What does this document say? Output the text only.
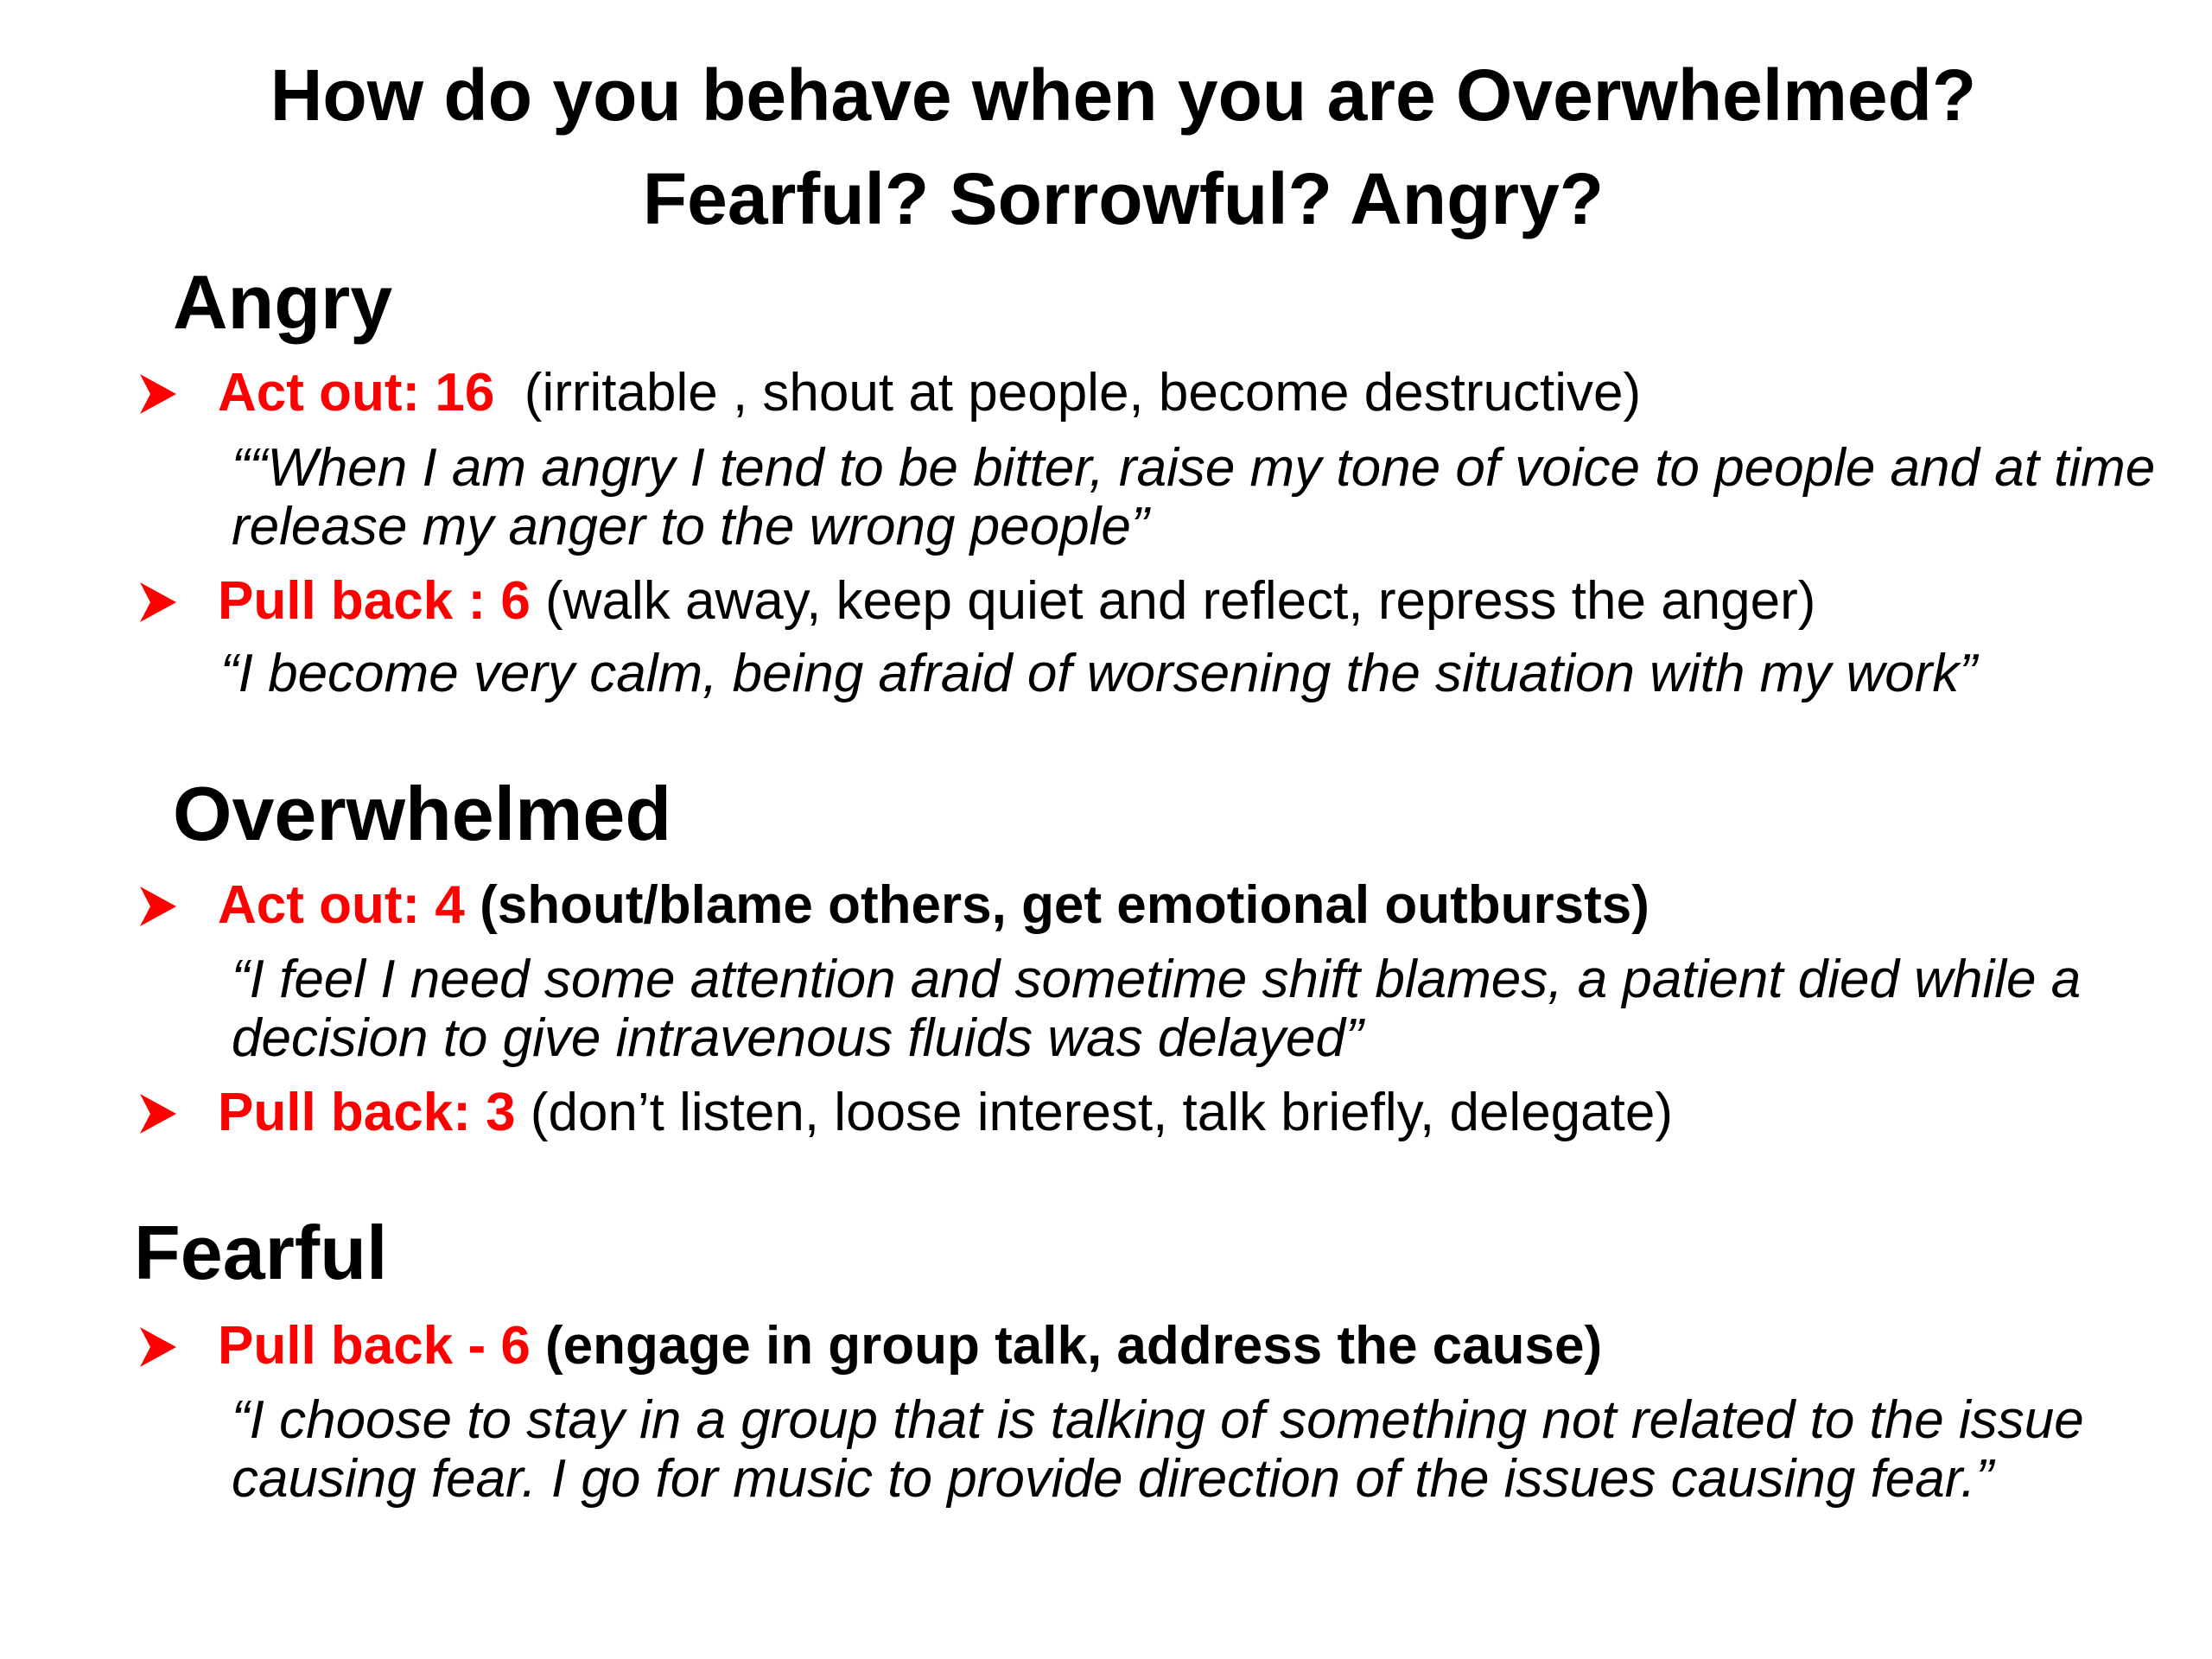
How do you behave when you are Overwhelmed?
Fearful? Sorrowful? Angry?
Angry
Act out: 16  (irritable , shout at people, become destructive)
““When I am angry I tend to be bitter, raise my tone of voice to people and at time release my anger to the wrong people”
Pull back : 6 (walk away, keep quiet and reflect, repress the anger)
“I become very calm, being afraid of worsening the situation with my work”
Overwhelmed
Act out: 4 (shout/blame others, get emotional outbursts)
“I feel I need some attention and sometime shift blames, a patient died while a decision to give intravenous fluids was delayed”
Pull back: 3 (don’t listen, loose interest, talk briefly, delegate)
Fearful
Pull back - 6 (engage in group talk, address the cause)
“I choose to stay in a group that is talking of something not related to the issue causing fear. I go for music to provide direction of the issues causing fear.”
